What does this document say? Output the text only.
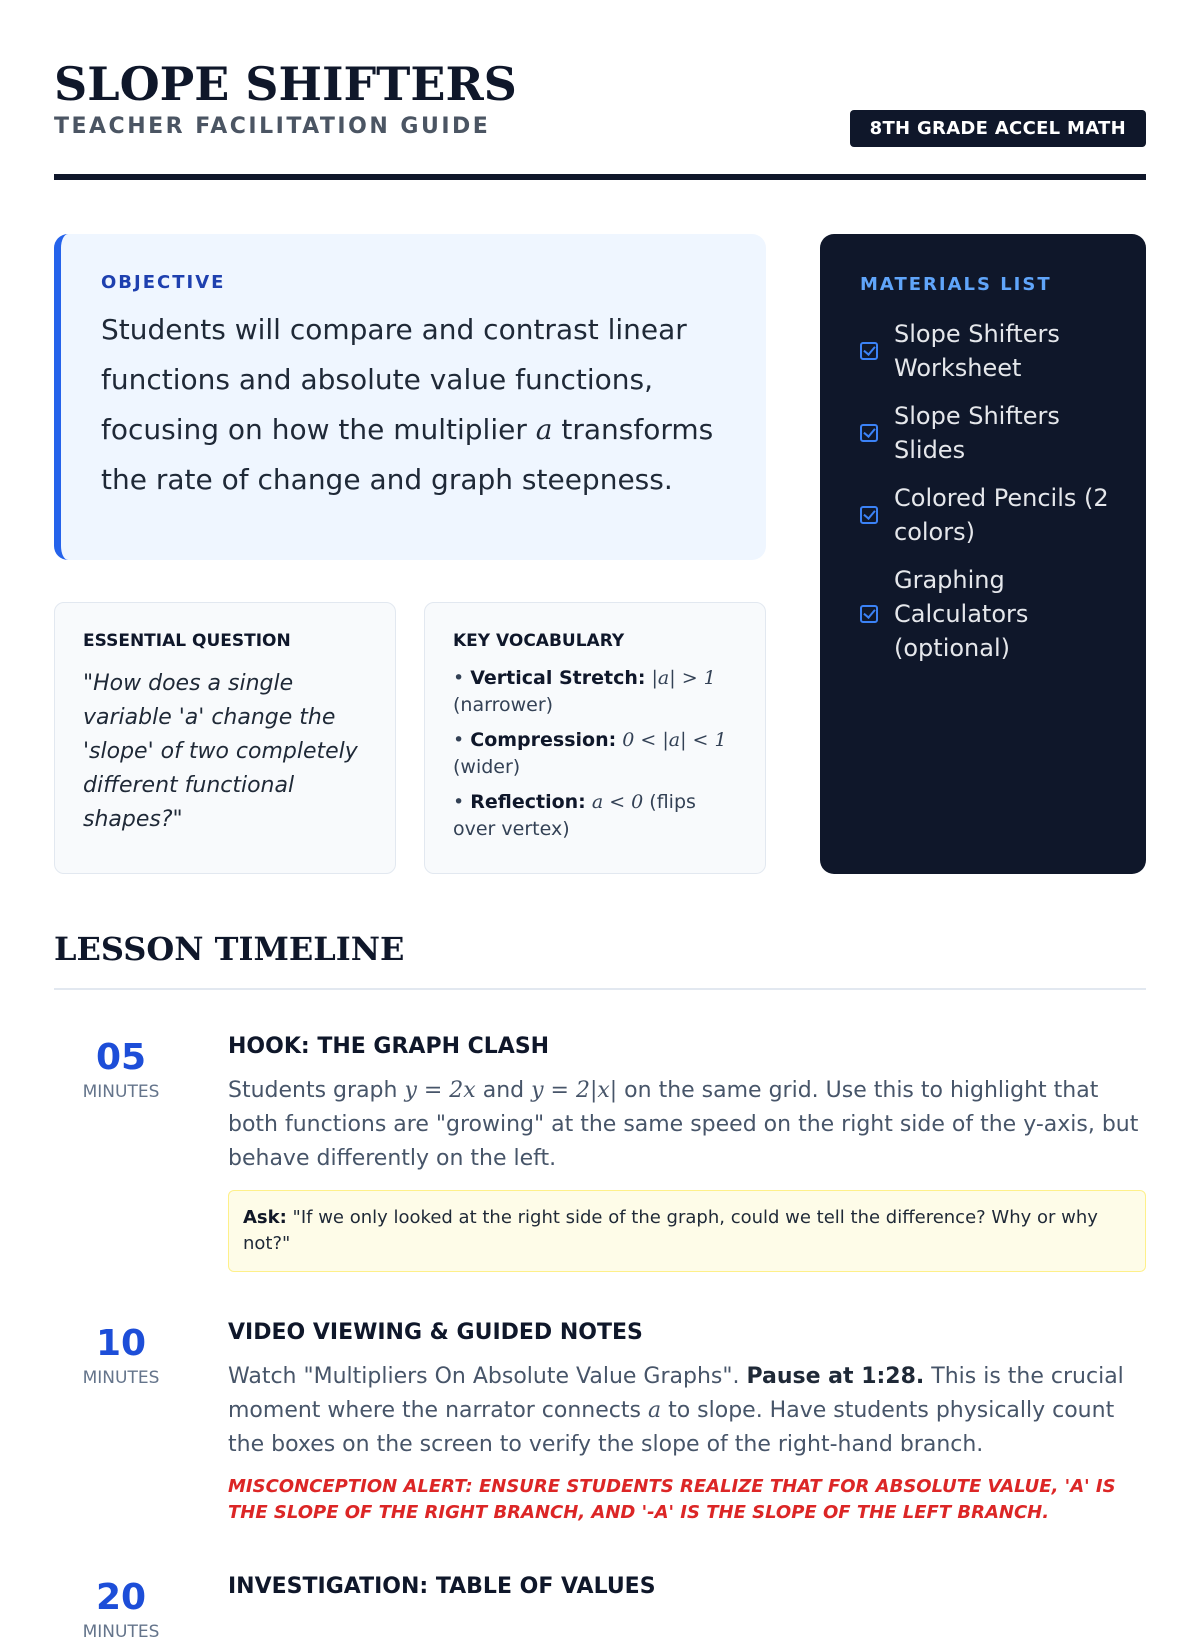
SLOPE SHIFTERS
TEACHER FACILITATION GUIDE	8TH GRADE ACCEL MATH
OBJECTIVE
Students will compare and contrast linear functions and absolute value functions, focusing on how the multiplier a transforms the rate of change and graph steepness.
MATERIALS LIST
Slope Shifters Worksheet
Slope Shifters Slides
Colored Pencils (2 colors)
Graphing Calculators (optional)
ESSENTIAL QUESTION
"How does a single variable 'a' change the 'slope' of two completely different functional shapes?"
KEY VOCABULARY
• Vertical Stretch: |a| > 1 (narrower)
• Compression: 0 < |a| < 1 (wider)
• Reflection: a < 0 (flips over vertex)
LESSON TIMELINE
05
MINUTES
HOOK: THE GRAPH CLASH
Students graph y = 2x and y = 2|x| on the same grid. Use this to highlight that both functions are "growing" at the same speed on the right side of the y-axis, but behave differently on the left.
Ask: "If we only looked at the right side of the graph, could we tell the difference? Why or why not?"
10
MINUTES
VIDEO VIEWING & GUIDED NOTES
Watch "Multipliers On Absolute Value Graphs". Pause at 1:28. This is the crucial moment where the narrator connects a to slope. Have students physically count the boxes on the screen to verify the slope of the right-hand branch.
MISCONCEPTION ALERT: ENSURE STUDENTS REALIZE THAT FOR ABSOLUTE VALUE, 'A' IS THE SLOPE OF THE RIGHT BRANCH, AND '-A' IS THE SLOPE OF THE LEFT BRANCH.
20
MINUTES
INVESTIGATION: TABLE OF VALUES
